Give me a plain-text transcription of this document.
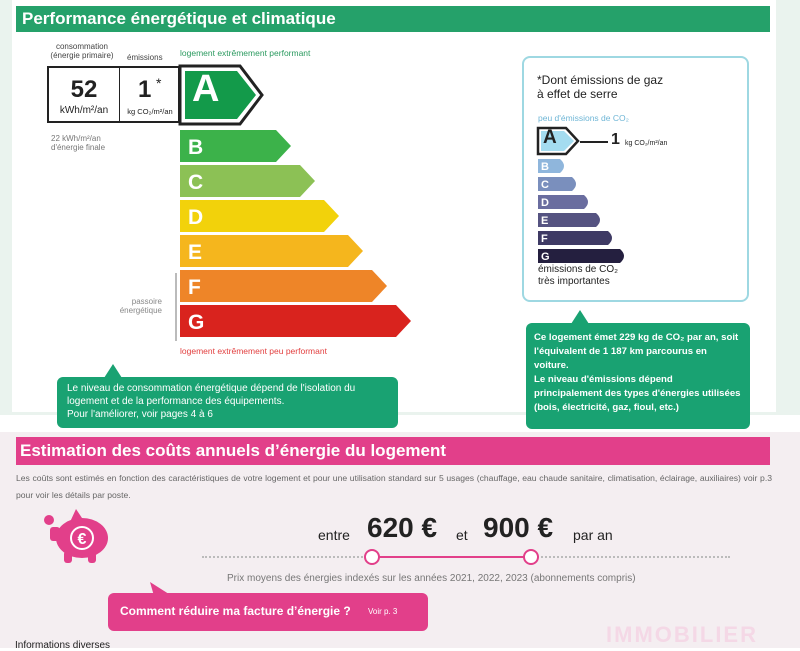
Performance énergétique et climatique
consommation
(énergie primaire)	émissions logement extrêmement performant
52
kWh/m²/an
1 *
kg CO₂/m²/an
22 kWh/m²/an
d'énergie finale
A
B
C
D
E
F
G
passoire
énergétique
logement extrêmement peu performant
Le niveau de consommation énergétique dépend de l'isolation du logement et de la performance des équipements.
Pour l'améliorer, voir pages 4 à 6
*Dont émissions de gaz
à effet de serre
peu d'émissions de CO₂
A	1 kg CO₂/m²/an
B
C
D
E
F
G
émissions de CO₂
très importantes
Ce logement émet 229 kg de CO₂ par an, soit l'équivalent de 1 187 km parcourus en voiture.
Le niveau d'émissions dépend principalement des types d'énergies utilisées (bois, électricité, gaz, fioul, etc.)
Estimation des coûts annuels d’énergie du logement
Les coûts sont estimés en fonction des caractéristiques de votre logement et pour une utilisation standard sur 5 usages (chauffage, eau chaude sanitaire, climatisation, éclairage, auxiliaires) voir p.3 pour voir les détails par poste.
€	entre 620 € et 900 € par an
Prix moyens des énergies indexés sur les années 2021, 2022, 2023 (abonnements compris)
Comment réduire ma facture d’énergie ? Voir p. 3
IMMOBILIER
Informations diverses
